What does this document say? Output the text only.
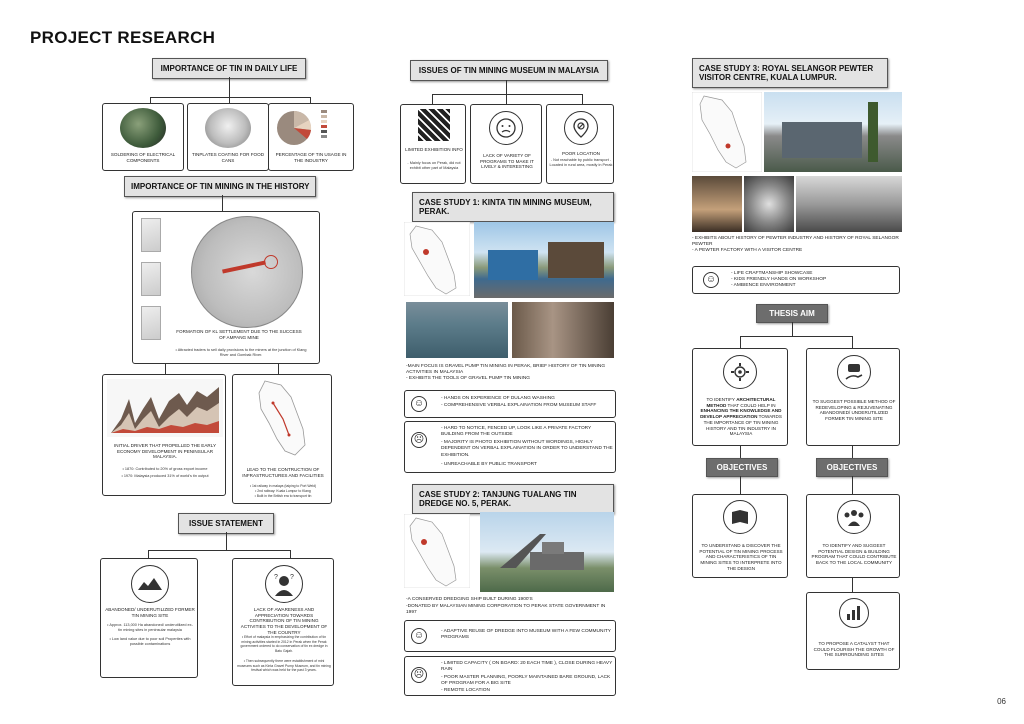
PROJECT RESEARCH
IMPORTANCE OF TIN IN DAILY LIFE
SOLDERING OF ELECTRICAL COMPONENTS
TINPLATES COATING FOR FOOD CANS
PERCENTAGE OF TIN USAGE IN THE INDUSTRY
IMPORTANCE OF TIN MINING IN THE HISTORY
FORMATION OF KL SETTLEMENT DUE TO THE SUCCESS OF AMPANG MINE
• Attracted traders to sell daily provisions to the miners at the junction of Klang River and Gombak River.
INITIAL DRIVER THAT PROPELLED THE EARLY ECONOMY DEVELOPMENT IN PENINSULAR MALAYSIA.
• 1870: Contributed to 20% of gross export income
• 1970: Malaysia produced 31% of world's tin output
LEAD TO THE CONTRUCTION OF INFRASTRUCTURES AND FACILITIES
• 1st railway in malaya (taiping to Port Weld)
• 2nd railway: Kuala Lumpur to Klang
• Built in the British era to transport tin
ISSUE STATEMENT
ABANDONED/ UNDERUTILIZED FORMER TIN MINING SITE
• Approx. 113,000 Ha abandoned/ underutilized ex- tin mining sites in peninsular malaysia
• Low land value due to poor soil Properties with possible contaminations
? ?
LACK OF AWARENESS AND APPRECIATION TOWARDS CONTRIBUTION OF TIN MINING ACTIVITIES TO THE DEVELOPMENT OF THE COUNTRY
• Effort of malaysia in emphasizing the contribution of tin mining activities started in 2012 in Perak when the Perak government ordered to do conservation of tin ex dredge in Batu Gajah.
• Then subsequently there were establishment of mini museums such as Kinta Gravel Pump Museum, and tin mining festival which was held for the past 3 years.
ISSUES OF TIN MINING MUSEUM IN MALAYSIA
LIMITED EXHIBITION INFO
- Mainly focus on Perak, did not exhibit other part of Malaysia
LACK OF VARIETY OF PROGRAMS TO MAKE IT LIVELY & INTERESTING
POOR LOCATION
- Not reachable by public transport - Located in rural area, mostly in Perak
CASE STUDY 1: KINTA TIN MINING MUSEUM, PERAK.
-MAIN FOCUS IS GRAVEL PUMP TIN MINING IN PERAK, BRIEF HISTORY OF TIN MINING ACTIVITIES IN MALAYSIA
- EXHIBITS THE TOOLS OF GRAVEL PUMP TIN MINING
☺	- HANDS ON EXPERIENCE OF DULANG WASHING
- COMPREHENSIVE VERBAL EXPLAINATION FROM MUSEUM STAFF
☹
- HARD TO NOTICE, FENCED UP, LOOK LIKE A PRIVATE FACTORY BUILDING FROM THE OUTSIDE
- MAJORITY IS PHOTO EXHIBITION WITHOUT WORDINGS, HIGHLY DEPENDENT ON VERBAL EXPLAINATION IN ORDER TO UNDERSTAND THE EXHIBITION.
- UNREACHABLE BY PUBLIC TRANSPORT
CASE STUDY 2: TANJUNG TUALANG TIN DREDGE NO. 5, PERAK.
-A CONSERVED DREDGING SHIP BUILT DURING 1900'S
-DONATED BY MALAYSIAN MINING CORPORATION TO PERAK STATE GOVERNMENT IN 1997
☺	- ADAPTIVE REUSE OF DREDGE INTO MUSEUM WITH A FEW COMMUNITY PROGRAMS
☹
- LIMITED CAPACITY ( ON BOARD: 20 EACH TIME ), CLOSE DURING HEAVY RAIN
- POOR MASTER PLANNING, POORLY MAINTAINED BARE GROUND, LACK OF PROGRAM FOR A BIG SITE
- REMOTE LOCATION
CASE STUDY 3: ROYAL SELANGOR PEWTER VISITOR CENTRE, KUALA LUMPUR.
- EXHIBITS ABOUT HISTORY OF PEWTER INDUSTRY AND HISTORY OF ROYAL SELANGOR PEWTER
- A PEWTER FACTORY WITH A VISITOR CENTRE
☺
- LIFE CRAFTMANSHIP SHOWCASE
- KIDS FRIENDLY HANDS ON WORKSHOP
- AMBIENCE ENVIRONMENT
THESIS AIM
TO IDENTIFY ARCHITECTURAL METHOD THAT COULD HELP IN ENHANCING THE KNOWLEDGE AND DEVELOP APPRECIATION TOWARDS THE IMPORTANCE OF TIN MINING HISTORY AND TIN INDUSTRY IN MALAYSIA
TO SUGGEST POSSIBLE METHOD OF REDEVELOPING & REJUVENATING ABANDONED/ UNDERUTILIZED FORMER TIN MINING SITE
OBJECTIVES	OBJECTIVES
TO UNDERSTAND & DISCOVER THE POTENTIAL OF TIN MINING PROCESS AND CHARACTERISTICS OF TIN MINING SITES TO INTERPRETE INTO THE DESIGN
TO IDENTIFY AND SUGGEST POTENTIAL DESIGN & BUILDING PROGRAM THAT COULD CONTRIBUTE BACK TO THE LOCAL COMMUNITY
TO PROPOSE A CATALYST THAT COULD FLOURISH THE GROWTH OF THE SURROUNDING SITES
06
